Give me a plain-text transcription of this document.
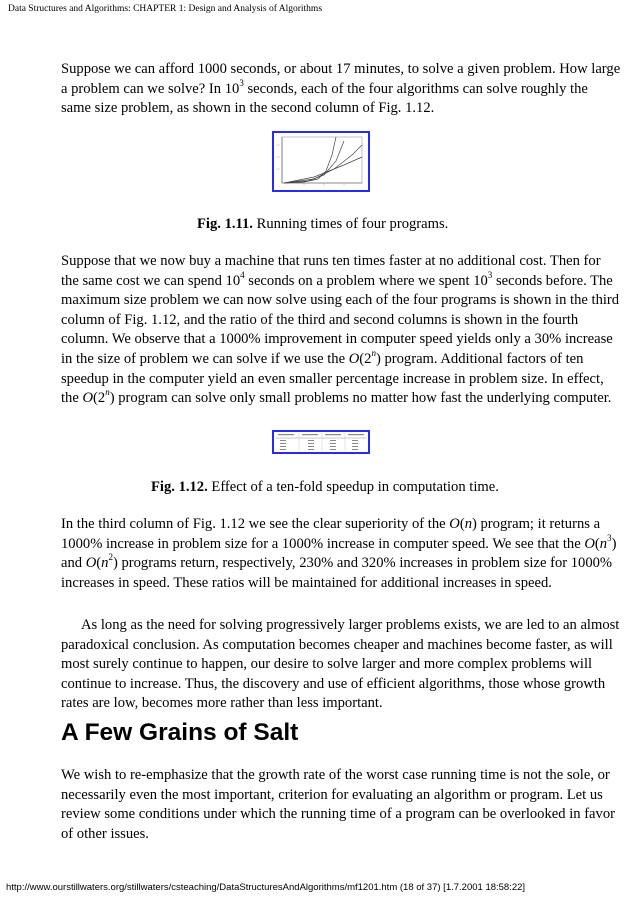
Data Structures and Algorithms: CHAPTER 1: Design and Analysis of Algorithms

Suppose we can afford 1000 seconds, or about 17 minutes, to solve a given problem. How large a problem can we solve? In $10^3$ seconds, each of the four algorithms can solve roughly the same size problem, as shown in the second column of Fig. 1.12.

Fig. 1.11. Running times of four programs.

Suppose that we now buy a machine that runs ten times faster at no additional cost. Then for the same cost we can spend $10^4$ seconds on a problem where we spent $10^3$ seconds before. The maximum size problem we can now solve using each of the four programs is shown in the third column of Fig. 1.12, and the ratio of the third and second columns is shown in the fourth column. We observe that a 1000% improvement in computer speed yields only a 30% increase in the size of problem we can solve if we use the O(2$^n$) program. Additional factors of ten speedup in the computer yield an even smaller percentage increase in problem size. In effect, the O(2$^n$) program can solve only small problems no matter how fast the underlying computer.

Fig. 1.12. Effect of a ten-fold speedup in computation time.

In the third column of Fig. 1.12 we see the clear superiority of the O(n) program; it returns a 1000% increase in problem size for a 1000% increase in computer speed. We see that the $O(n^3)$ and $O(n^2)$ programs return, respectively, 230% and 320% increases in problem size for 1000% increases in speed. These ratios will be maintained for additional increases in speed.

As long as the need for solving progressively larger problems exists, we are led to an almost paradoxical conclusion. As computation becomes cheaper and machines become faster, as will most surely continue to happen, our desire to solve larger and more complex problems will continue to increase. Thus, the discovery and use of efficient algorithms, those whose growth rates are low, becomes more rather than less important.

A Few Grains of Salt

We wish to re-emphasize that the growth rate of the worst case running time is not the sole, or necessarily even the most important, criterion for evaluating an algorithm or program. Let us review some conditions under which the running time of a program can be overlooked in favor of other issues.

http://www.ourstillwaters.org/stillwaters/csteaching/DataStructuresAndAlgorithms/mf1201.htm (18 of 37) [1.7.2001 18:58:22]
